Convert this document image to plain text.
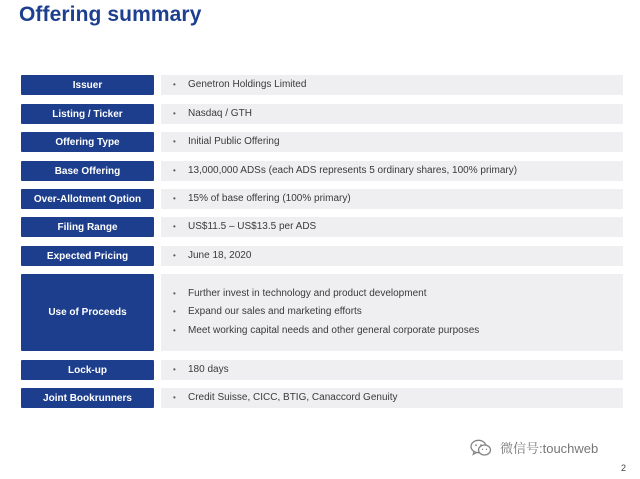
Offering summary
Issuer	•	Genetron Holdings Limited
Listing / Ticker	•	Nasdaq / GTH
Offering Type	•	Initial Public Offering
Base Offering	•	13,000,000 ADSs (each ADS represents 5 ordinary shares, 100% primary)
Over-Allotment Option	•	15% of base offering (100% primary)
Filing Range	•	US$11.5 – US$13.5 per ADS
Expected Pricing	•	June 18, 2020
Use of Proceeds
•	Further invest in technology and product development
•	Expand our sales and marketing efforts
•	Meet working capital needs and other general corporate purposes
Lock-up	•	180 days
Joint Bookrunners	•	Credit Suisse, CICC, BTIG, Canaccord Genuity
微信号:touchweb
2
